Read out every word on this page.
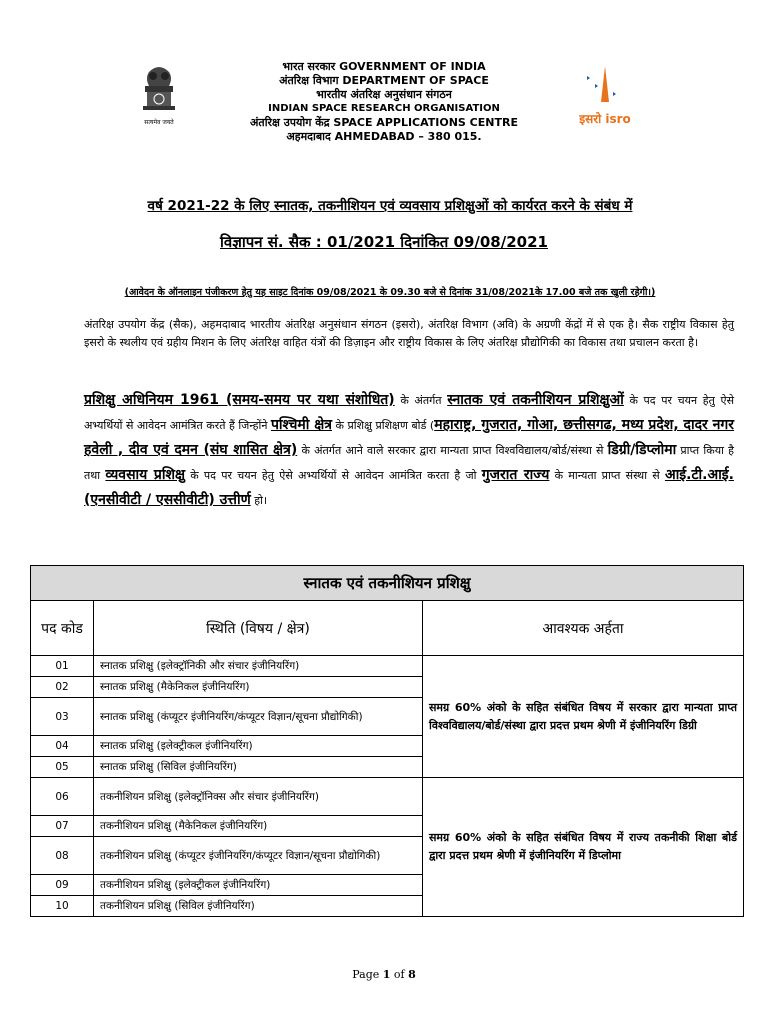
सत्यमेव जयते
भारत सरकार GOVERNMENT OF INDIA
अंतरिक्ष विभाग DEPARTMENT OF SPACE
भारतीय अंतरिक्ष अनुसंधान संगठन
INDIAN SPACE RESEARCH ORGANISATION
अंतरिक्ष उपयोग केंद्र SPACE APPLICATIONS CENTRE
अहमदाबाद AHMEDABAD – 380 015.
इसरो isro
वर्ष 2021-22 के लिए स्नातक, तकनीशियन एवं व्यवसाय प्रशिक्षुओं को कार्यरत करने के संबंध में
विज्ञापन सं. सैक : 01/2021 दिनांकित 09/08/2021
(आवेदन के ऑनलाइन पंजीकरण हेतु यह साइट दिनांक 09/08/2021 के 09.30 बजे से दिनांक 31/08/2021के 17.00 बजे तक खुली रहेगी।)
अंतरिक्ष उपयोग केंद्र (सैक), अहमदाबाद भारतीय अंतरिक्ष अनुसंधान संगठन (इसरो), अंतरिक्ष विभाग (अवि) के अग्रणी केंद्रों में से एक है। सैक राष्ट्रीय विकास हेतु इसरो के स्थलीय एवं ग्रहीय मिशन के लिए अंतरिक्ष वाहित यंत्रों की डिज़ाइन और राष्ट्रीय विकास के लिए अंतरिक्ष प्रौद्योगिकी का विकास तथा प्रचालन करता है।
प्रशिक्षु अधिनियम 1961 (समय-समय पर यथा संशोधित) के अंतर्गत स्नातक एवं तकनीशियन प्रशिक्षुओं के पद पर चयन हेतु ऐसे अभ्यर्थियों से आवेदन आमंत्रित करते हैं जिन्होंने पश्चिमी क्षेत्र के प्रशिक्षु प्रशिक्षण बोर्ड (महाराष्ट्र, गुजरात, गोआ, छत्तीसगढ, मध्य प्रदेश, दादर नगर हवेली , दीव एवं दमन (संघ शासित क्षेत्र) के अंतर्गत आने वाले सरकार द्वारा मान्यता प्राप्त विश्वविद्यालय/बोर्ड/संस्था से डिग्री/डिप्लोमा प्राप्त किया है तथा व्यवसाय प्रशिक्षु के पद पर चयन हेतु ऐसे अभ्यर्थियों से आवेदन आमंत्रित करता है जो गुजरात राज्य के मान्यता प्राप्त संस्था से आई.टी.आई. (एनसीवीटी / एससीवीटी) उत्तीर्ण हो।
स्नातक एवं तकनीशियन प्रशिक्षु		
पद कोड	स्थिति (विषय / क्षेत्र)	आवश्यक अर्हता
01	स्नातक प्रशिक्षु (इलेक्ट्रॉनिकी और संचार इंजीनियरिंग)	समग्र 60% अंको के सहित संबंधित विषय में सरकार द्वारा मान्यता प्राप्त विश्वविद्यालय/बोर्ड/संस्था द्वारा प्रदत्त प्रथम श्रेणी में इंजीनियरिंग डिग्री
02	स्नातक प्रशिक्षु (मैकेनिकल इंजीनियरिंग)	
03	स्नातक प्रशिक्षु (कंप्यूटर इंजीनियरिंग/कंप्यूटर विज्ञान/सूचना प्रौद्योगिकी)	
04	स्नातक प्रशिक्षु (इलेक्ट्रीकल इंजीनियरिंग)	
05	स्नातक प्रशिक्षु (सिविल इंजीनियरिंग)	
06	तकनीशियन प्रशिक्षु (इलेक्ट्रॉनिक्स और संचार इंजीनियरिंग)	समग्र 60% अंको के सहित संबंधित विषय में राज्य तकनीकी शिक्षा बोर्ड द्वारा प्रदत्त प्रथम श्रेणी में इंजीनियरिंग में डिप्लोमा
07	तकनीशियन प्रशिक्षु (मैकेनिकल इंजीनियरिंग)	
08	तकनीशियन प्रशिक्षु (कंप्यूटर इंजीनियरिंग/कंप्यूटर विज्ञान/सूचना प्रौद्योगिकी)	
09	तकनीशियन प्रशिक्षु (इलेक्ट्रीकल इंजीनियरिंग)	
10	तकनीशियन प्रशिक्षु (सिविल इंजीनियरिंग)	
Page 1 of 8
